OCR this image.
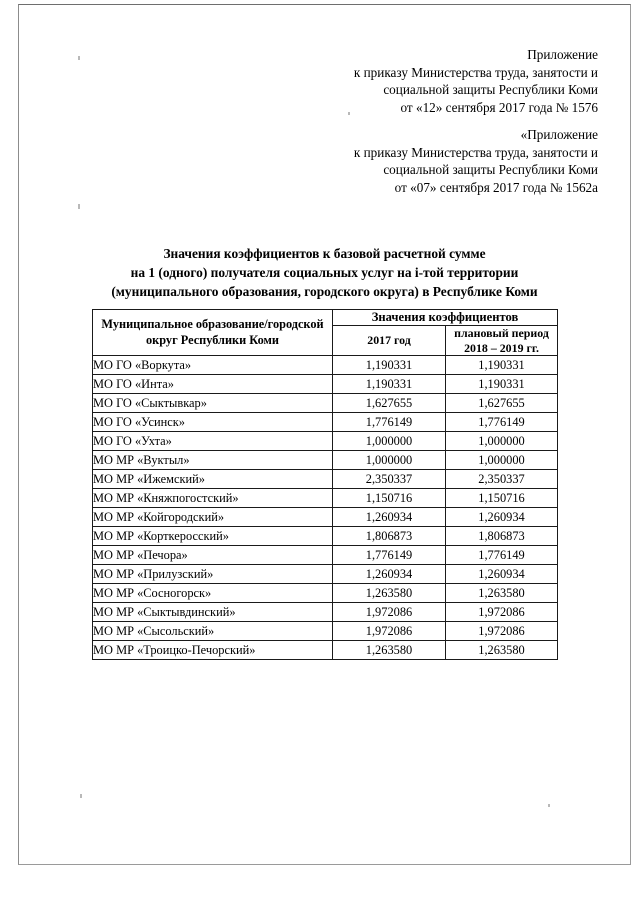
Приложение
к приказу Министерства труда, занятости и
социальной защиты Республики Коми
от «12» сентября 2017 года № 1576
«Приложение
к приказу Министерства труда, занятости и
социальной защиты Республики Коми
от «07» сентября 2017 года № 1562а
Значения коэффициентов к базовой расчетной сумме
на 1 (одного) получателя социальных услуг на i-той территории
(муниципального образования, городского округа) в Республике Коми
Муниципальное образование/городской округ Республики Коми	Значения коэффициентов	
	2017 год	плановый период
2018 – 2019 гг.

МО ГО «Воркута»	1,190331	1,190331
МО ГО «Инта»	1,190331	1,190331
МО ГО «Сыктывкар»	1,627655	1,627655
МО ГО «Усинск»	1,776149	1,776149
МО ГО «Ухта»	1,000000	1,000000
МО МР «Вуктыл»	1,000000	1,000000
МО МР «Ижемский»	2,350337	2,350337
МО МР «Княжпогостский»	1,150716	1,150716
МО МР «Койгородский»	1,260934	1,260934
МО МР «Корткеросский»	1,806873	1,806873
МО МР «Печора»	1,776149	1,776149
МО МР «Прилузский»	1,260934	1,260934
МО МР «Сосногорск»	1,263580	1,263580
МО МР «Сыктывдинский»	1,972086	1,972086
МО МР «Сысольский»	1,972086	1,972086
МО МР «Троицко-Печорский»	1,263580	1,263580
